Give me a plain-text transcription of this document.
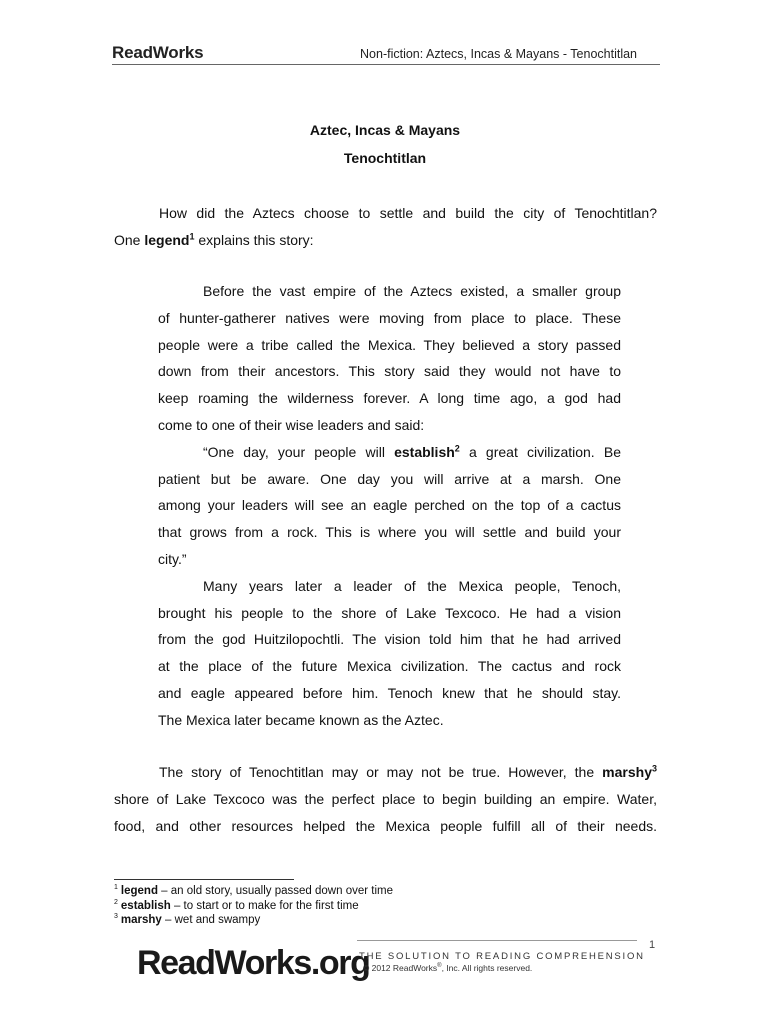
ReadWorks	Non-fiction: Aztecs, Incas & Mayans - Tenochtitlan
Aztec, Incas & Mayans
Tenochtitlan
How did the Aztecs choose to settle and build the city of Tenochtitlan?
One legend$^1$ explains this story:
Before the vast empire of the Aztecs existed, a smaller group
of hunter-gatherer natives were moving from place to place. These
people were a tribe called the Mexica. They believed a story passed
down from their ancestors. This story said they would not have to
keep roaming the wilderness forever. A long time ago, a god had
come to one of their wise leaders and said:
“One day, your people will establish$^2$ a great civilization. Be
patient but be aware. One day you will arrive at a marsh. One
among your leaders will see an eagle perched on the top of a cactus
that grows from a rock. This is where you will settle and build your
city.”
Many years later a leader of the Mexica people, Tenoch,
brought his people to the shore of Lake Texcoco. He had a vision
from the god Huitzilopochtli. The vision told him that he had arrived
at the place of the future Mexica civilization. The cactus and rock
and eagle appeared before him. Tenoch knew that he should stay.
The Mexica later became known as the Aztec.
The story of Tenochtitlan may or may not be true. However, the marshy$^3$
shore of Lake Texcoco was the perfect place to begin building an empire. Water,
food, and other resources helped the Mexica people fulfill all of their needs.
$^1$ legend – an old story, usually passed down over time
$^2$ establish – to start or to make for the first time
$^3$ marshy – wet and swampy
1
ReadWorks.org
THE SOLUTION TO READING COMPREHENSION
© 2012 ReadWorks®, Inc. All rights reserved.
